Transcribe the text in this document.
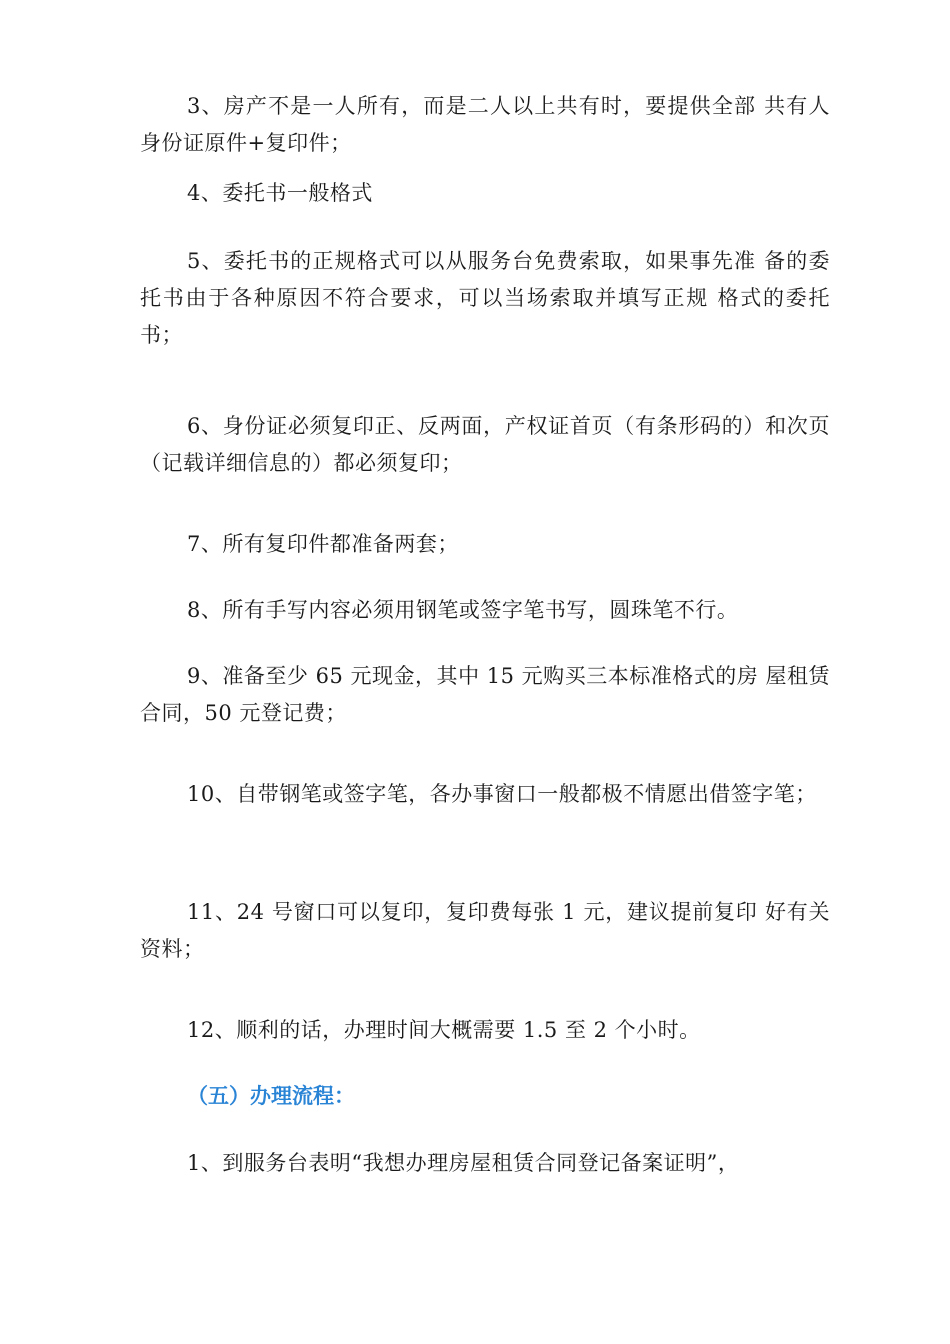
3、房产不是一人所有，而是二人以上共有时，要提供全部 共有人身份证原件+复印件；

4、委托书一般格式

5、委托书的正规格式可以从服务台免费索取，如果事先准 备的委托书由于各种原因不符合要求，可以当场索取并填写正规 格式的委托书；

6、身份证必须复印正、反两面，产权证首页（有条形码的）和次页（记载详细信息的）都必须复印；

7、所有复印件都准备两套；

8、所有手写内容必须用钢笔或签字笔书写，圆珠笔不行。

9、准备至少 65 元现金，其中 15 元购买三本标准格式的房 屋租赁合同，50 元登记费；

10、自带钢笔或签字笔，各办事窗口一般都极不情愿出借签字笔；

11、24 号窗口可以复印，复印费每张 1 元，建议提前复印 好有关资料；

12、顺利的话，办理时间大概需要 1.5 至 2 个小时。

（五）办理流程：

1、到服务台表明“我想办理房屋租赁合同登记备案证明”，
